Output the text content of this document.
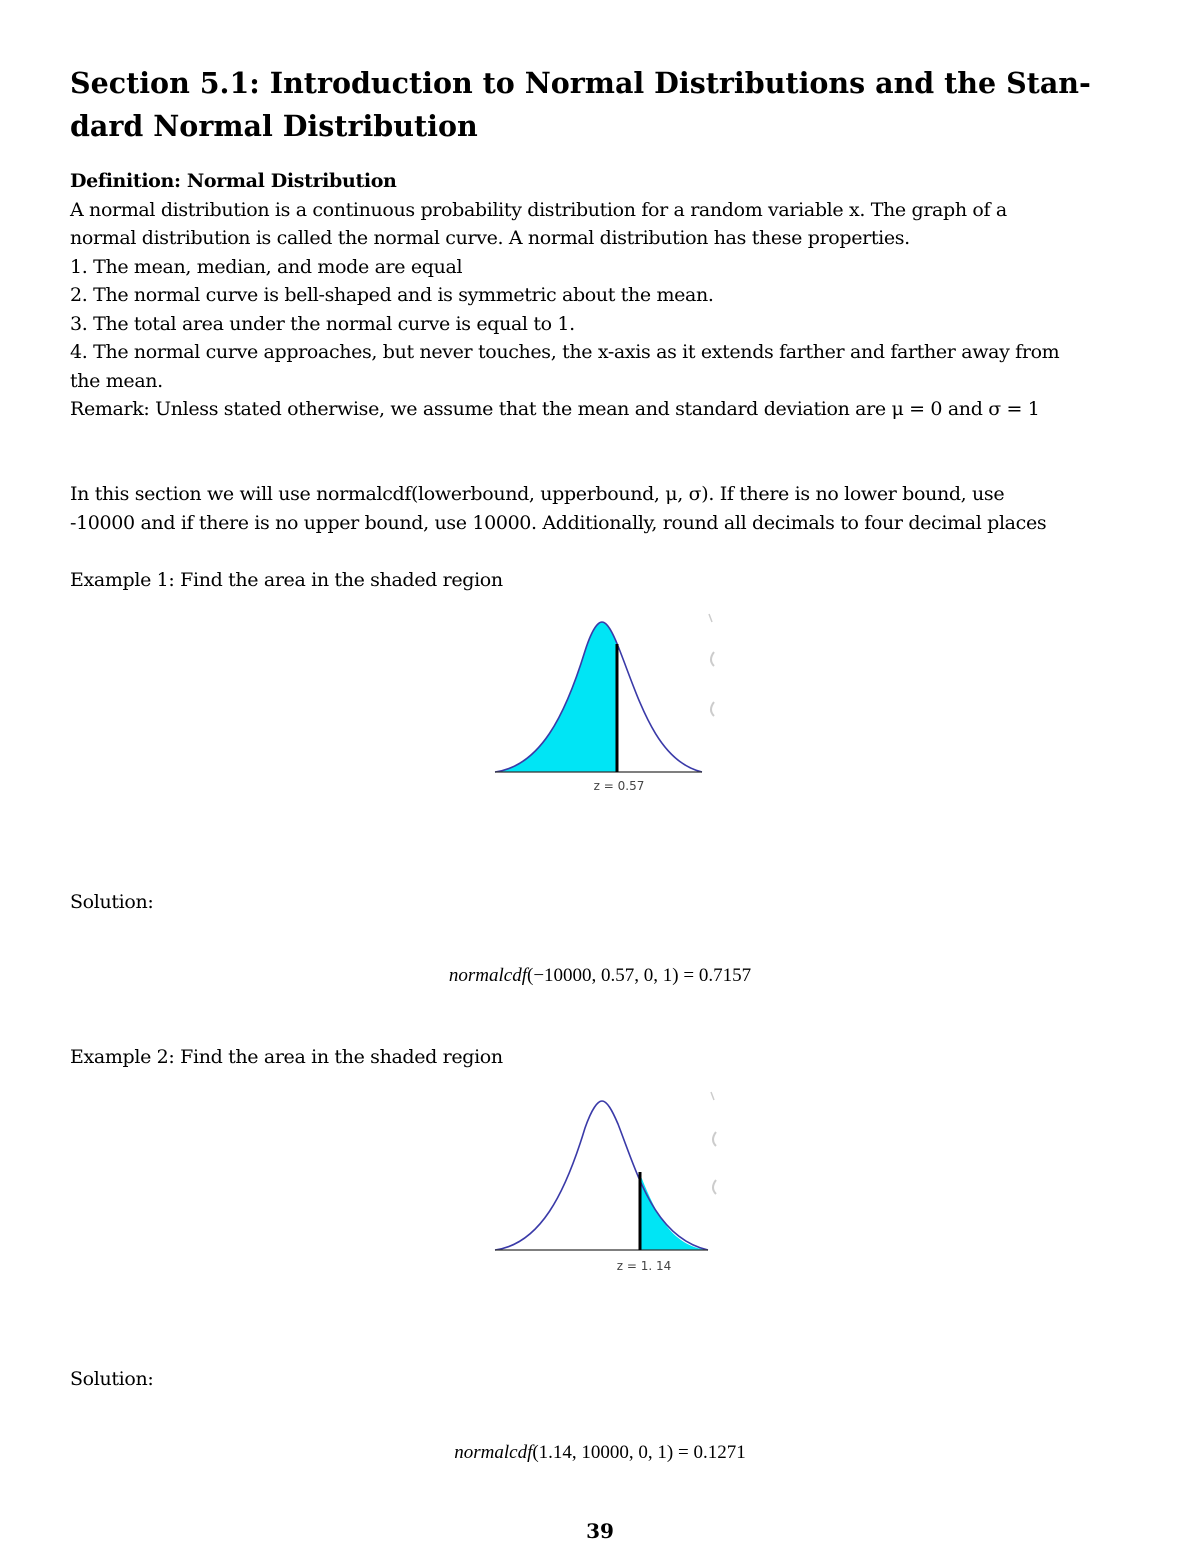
Section 5.1: Introduction to Normal Distributions and the Stan-
dard Normal Distribution
Definition: Normal Distribution
A normal distribution is a continuous probability distribution for a random variable x. The graph of a
normal distribution is called the normal curve. A normal distribution has these properties.
1. The mean, median, and mode are equal
2. The normal curve is bell-shaped and is symmetric about the mean.
3. The total area under the normal curve is equal to 1.
4. The normal curve approaches, but never touches, the x-axis as it extends farther and farther away from
the mean.
Remark: Unless stated otherwise, we assume that the mean and standard deviation are μ = 0 and σ = 1
In this section we will use normalcdf(lowerbound, upperbound, μ, σ). If there is no lower bound, use
-10000 and if there is no upper bound, use 10000. Additionally, round all decimals to four decimal places
Example 1: Find the area in the shaded region
z = 0.57
Solution:
normalcdf(−10000, 0.57, 0, 1) = 0.7157
Example 2: Find the area in the shaded region
z = 1. 14
Solution:
normalcdf(1.14, 10000, 0, 1) = 0.1271
39
